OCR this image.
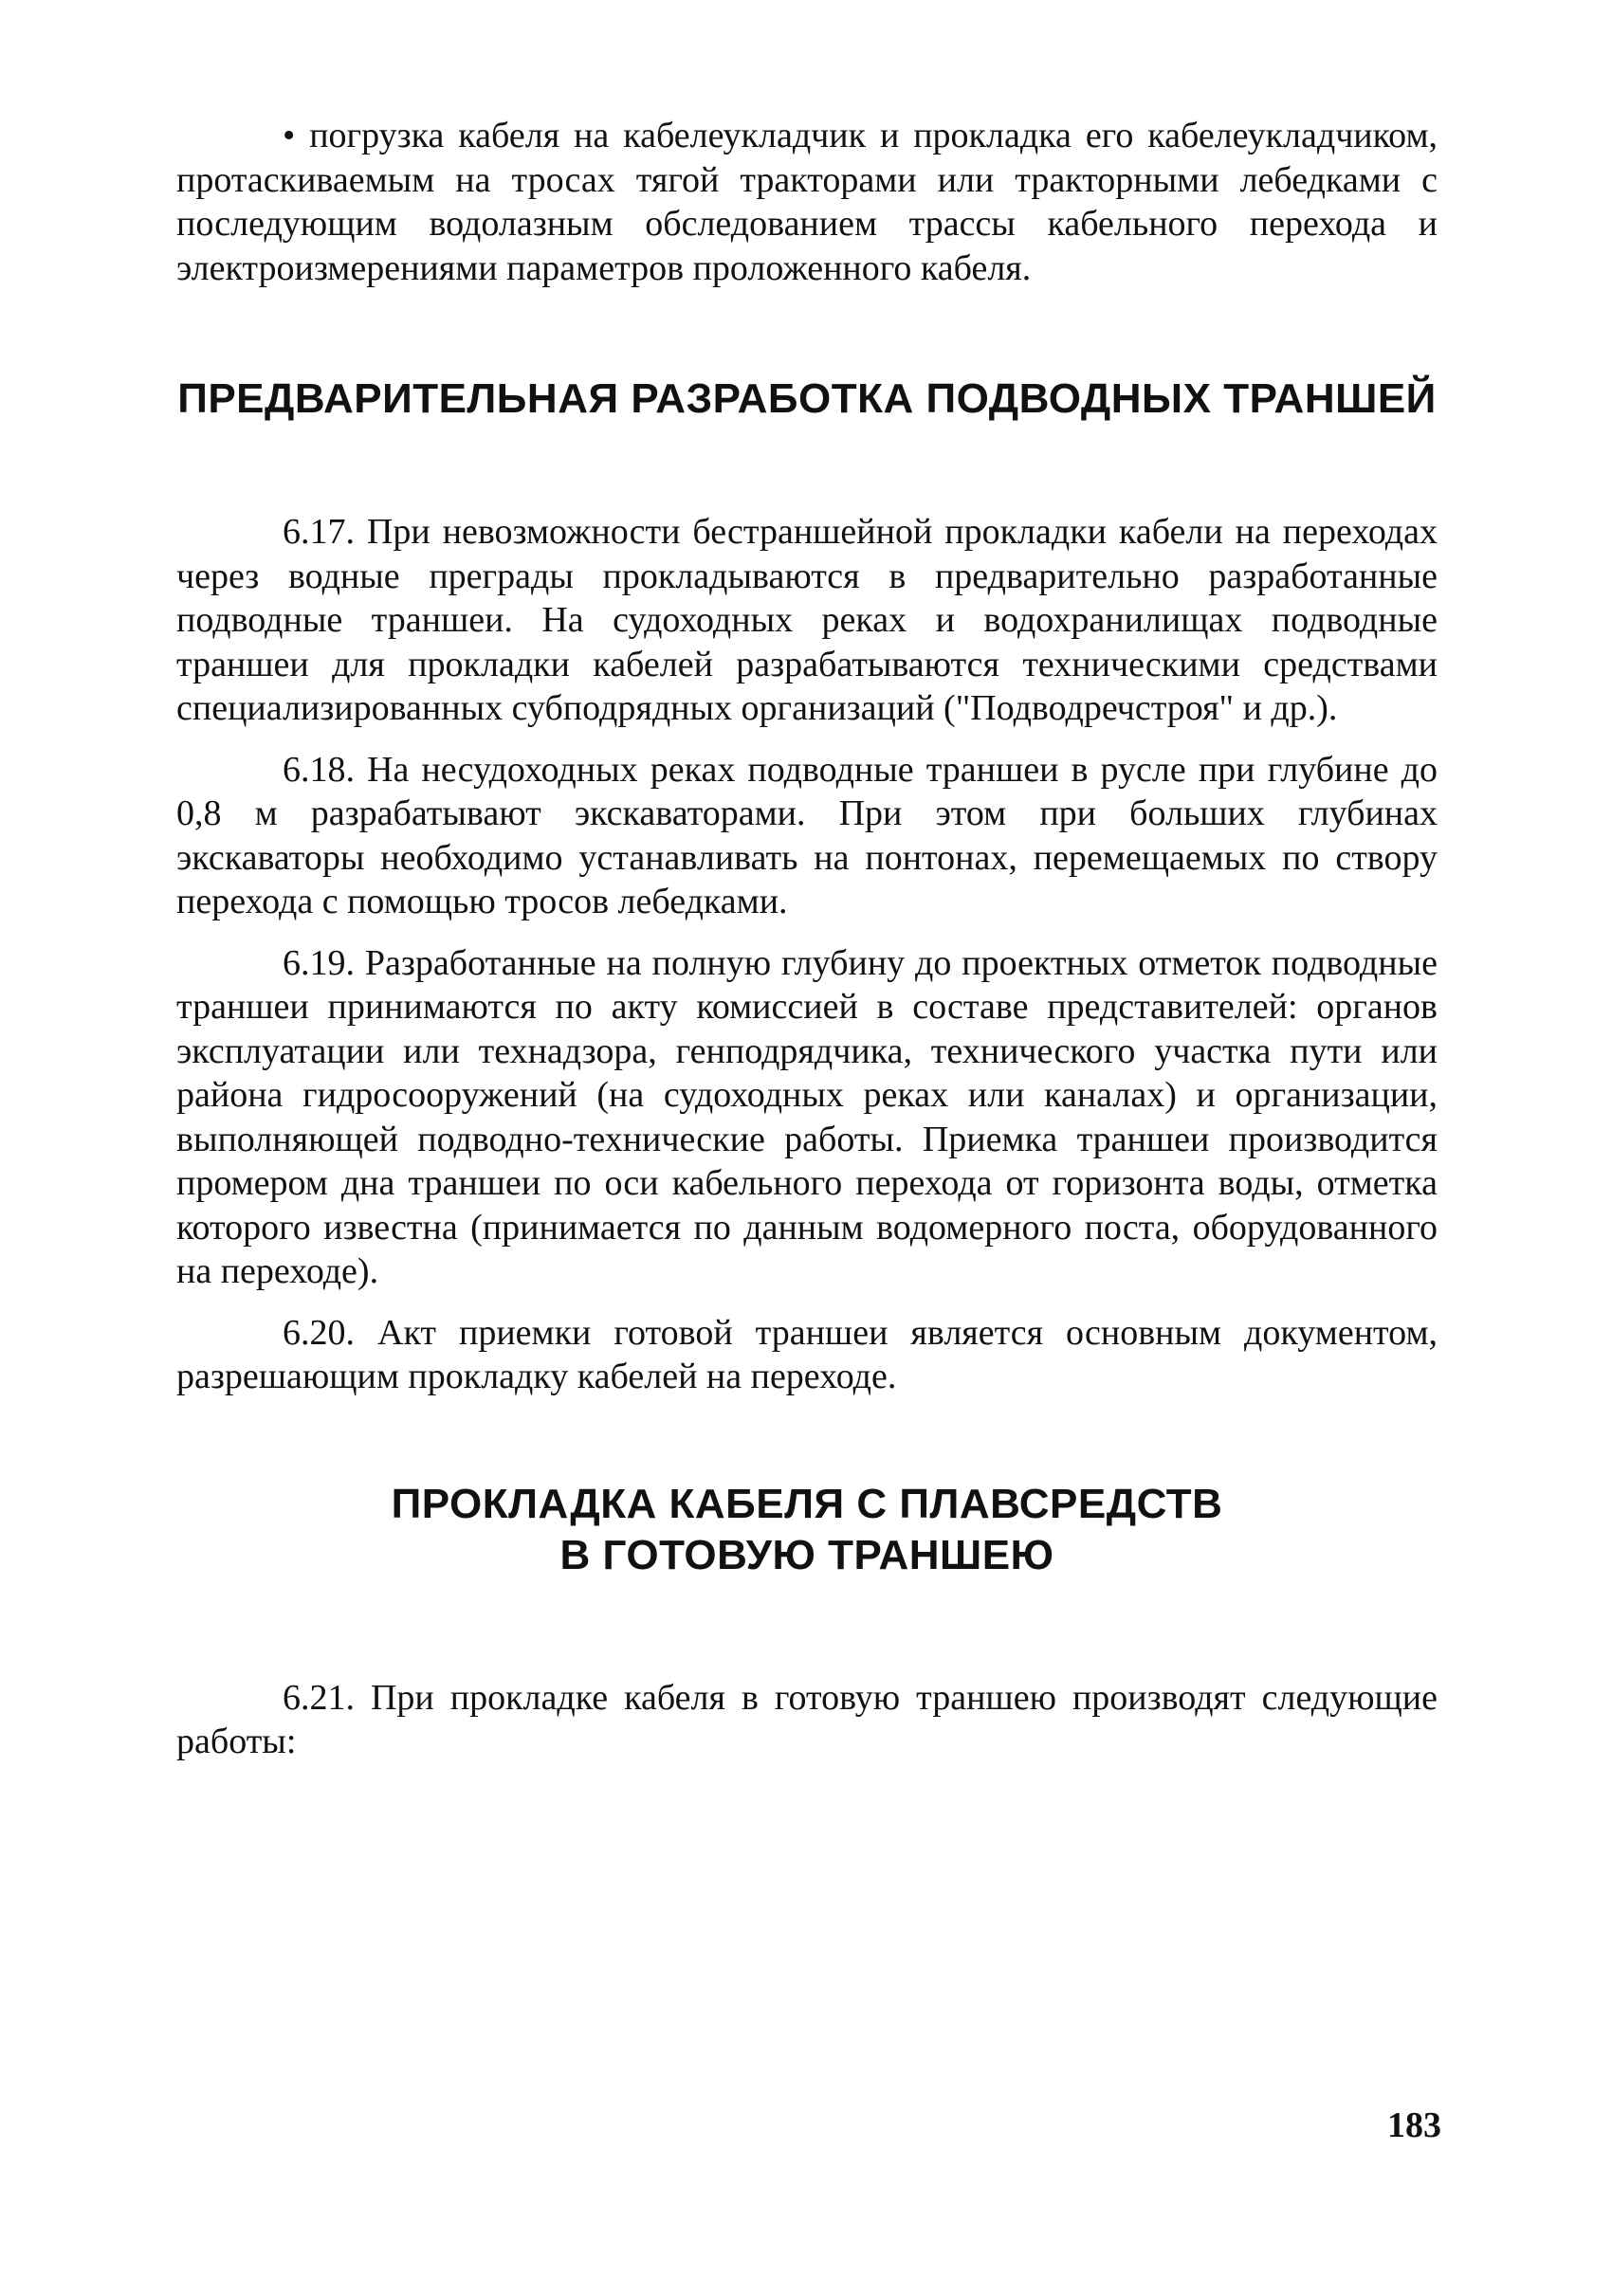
• погрузка кабеля на кабелеукладчик и прокладка его кабелеукладчиком, протаскиваемым на тросах тягой тракторами или тракторными лебедками с последующим водолазным обследованием трассы кабельного перехода и электроизмерениями параметров проложенного кабеля.

ПРЕДВАРИТЕЛЬНАЯ РАЗРАБОТКА ПОДВОДНЫХ ТРАНШЕЙ

6.17. При невозможности бестраншейной прокладки кабели на переходах через водные преграды прокладываются в предварительно разработанные подводные траншеи. На судоходных реках и водохранилищах подводные траншеи для прокладки кабелей разрабатываются техническими средствами специализированных субподрядных организаций ("Подводречстроя" и др.).

6.18. На несудоходных реках подводные траншеи в русле при глубине до 0,8 м разрабатывают экскаваторами. При этом при больших глубинах экскаваторы необходимо устанавливать на понтонах, перемещаемых по створу перехода с помощью тросов лебедками.

6.19. Разработанные на полную глубину до проектных отметок подводные траншеи принимаются по акту комиссией в составе представителей: органов эксплуатации или технадзора, генподрядчика, технического участка пути или района гидросооружений (на судоходных реках или каналах) и организации, выполняющей подводно-технические работы. Приемка траншеи производится промером дна траншеи по оси кабельного перехода от горизонта воды, отметка которого известна (принимается по данным водомерного поста, оборудованного на переходе).

6.20. Акт приемки готовой траншеи является основным документом, разрешающим прокладку кабелей на переходе.

ПРОКЛАДКА КАБЕЛЯ С ПЛАВСРЕДСТВ
В ГОТОВУЮ ТРАНШЕЮ

6.21. При прокладке кабеля в готовую траншею производят следующие работы:

183
